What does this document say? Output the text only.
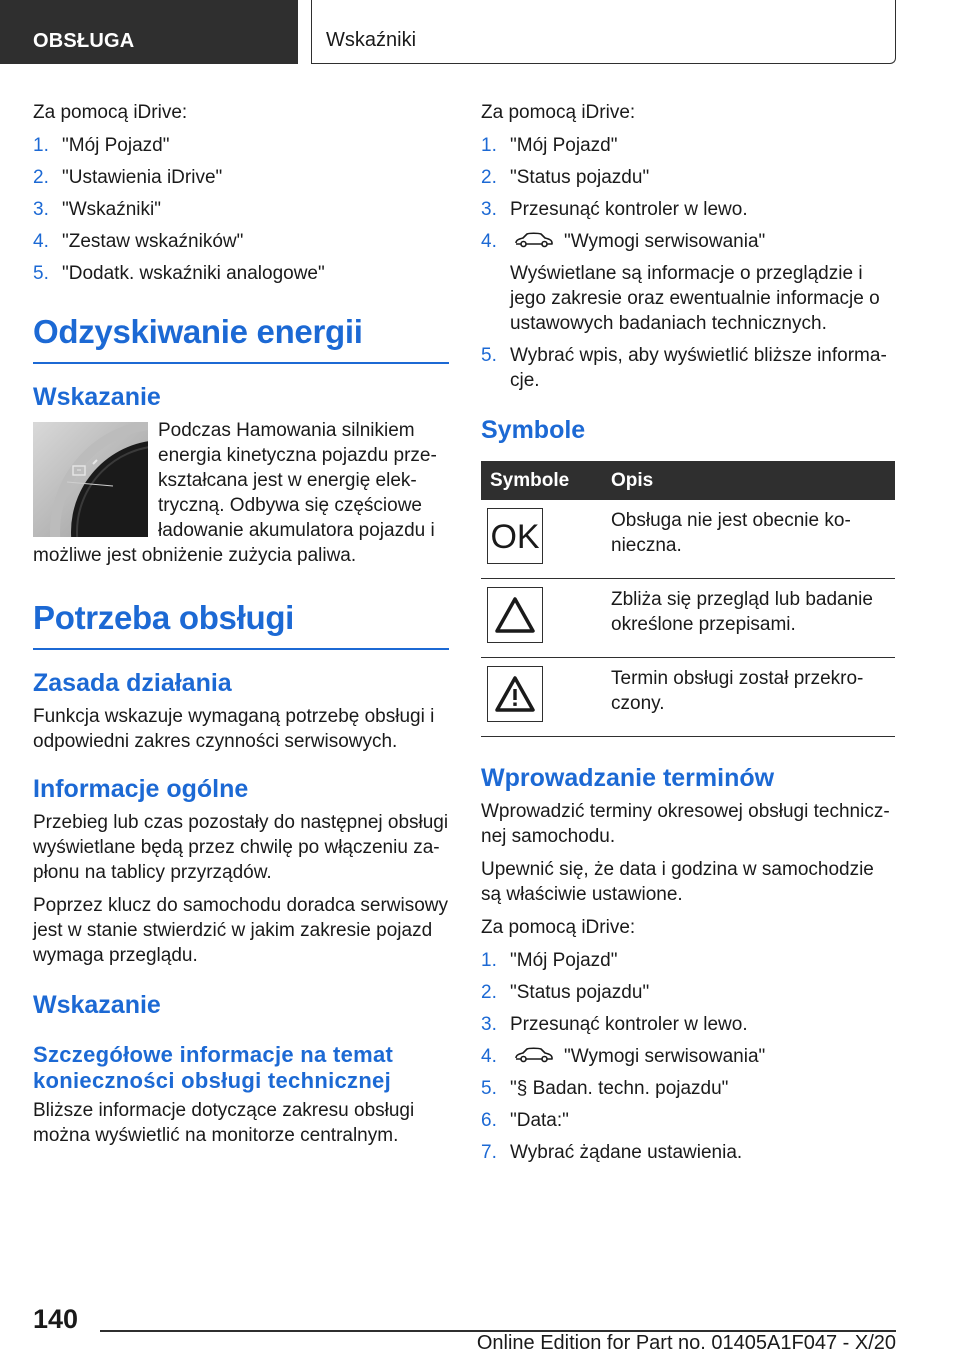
OBSŁUGA	Wskaźniki

Za pomocą iDrive:

1. "Mój Pojazd"
2. "Ustawienia iDrive"
3. "Wskaźniki"
4. "Zestaw wskaźników"
5. "Dodatk. wskaźniki analogowe"
Odzyskiwanie energii
Wskazanie

Podczas Hamowania silnikiem energia kinetyczna pojazdu przekształcana jest w energię elektryczną. Odbywa się częściowe ładowanie akumulatora pojazdu i możliwe jest obniżenie zużycia paliwa.

Potrzeba obsługi
Zasada działania

Funkcja wskazuje wymaganą potrzebę obsługi i odpowiedni zakres czynności serwisowych.

Informacje ogólne

Przebieg lub czas pozostały do następnej obsługi wyświetlane będą przez chwilę po włączeniu zapłonu na tablicy przyrządów.

Poprzez klucz do samochodu doradca serwisowy jest w stanie stwierdzić w jakim zakresie pojazd wymaga przeglądu.

Wskazanie
Szczegółowe informacje na temat konieczności obsługi technicznej

Bliższe informacje dotyczące zakresu obsługi można wyświetlić na monitorze centralnym.

Za pomocą iDrive:

1. "Mój Pojazd"
2. "Status pojazdu"
3. Przesunąć kontroler w lewo.
4.	"Wymogi serwisowania"
Wyświetlane są informacje o przeglądzie i jego zakresie oraz ewentualnie informacje o ustawowych badaniach technicznych.
5. Wybrać wpis, aby wyświetlić bliższe informacje.
Symbole
Symbole	Opis

OK	Obsługa nie jest obecnie konieczna.

	Zbliża się przegląd lub badanie określone przepisami.

	Termin obsługi został przekroczony.
Wprowadzanie terminów

Wprowadzić terminy okresowej obsługi technicznej samochodu.

Upewnić się, że data i godzina w samochodzie są właściwie ustawione.

Za pomocą iDrive:

1. "Mój Pojazd"
2. "Status pojazdu"
3. Przesunąć kontroler w lewo.
4.	"Wymogi serwisowania"
5. "§ Badan. techn. pojazdu"
6. "Data:"
7. Wybrać żądane ustawienia.
140
Online Edition for Part no. 01405A1F047 - X/20
